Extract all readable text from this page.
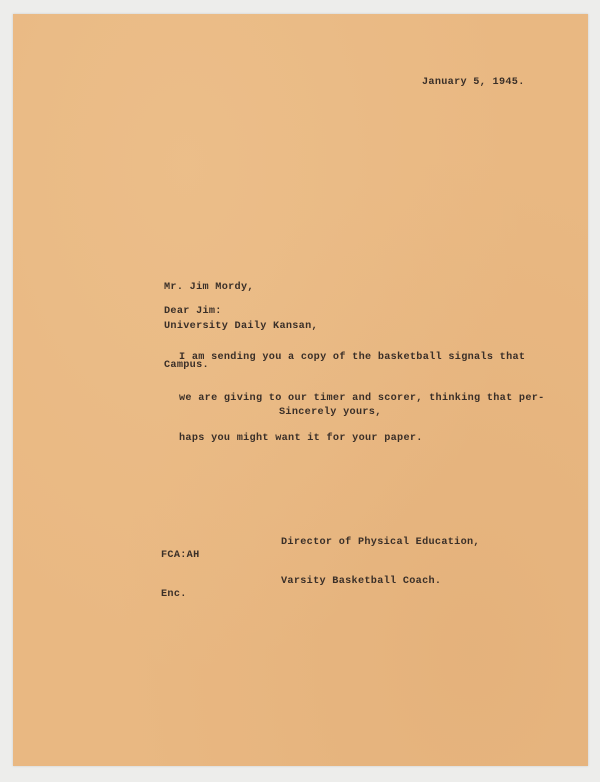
January 5, 1945.

Mr. Jim Mordy,

University Daily Kansan,

Campus.

Dear Jim:

I am sending you a copy of the basketball signals that

we are giving to our timer and scorer, thinking that per-

haps you might want it for your paper.

Sincerely yours,

Director of Physical Education,

Varsity Basketball Coach.

FCA:AH

Enc.
